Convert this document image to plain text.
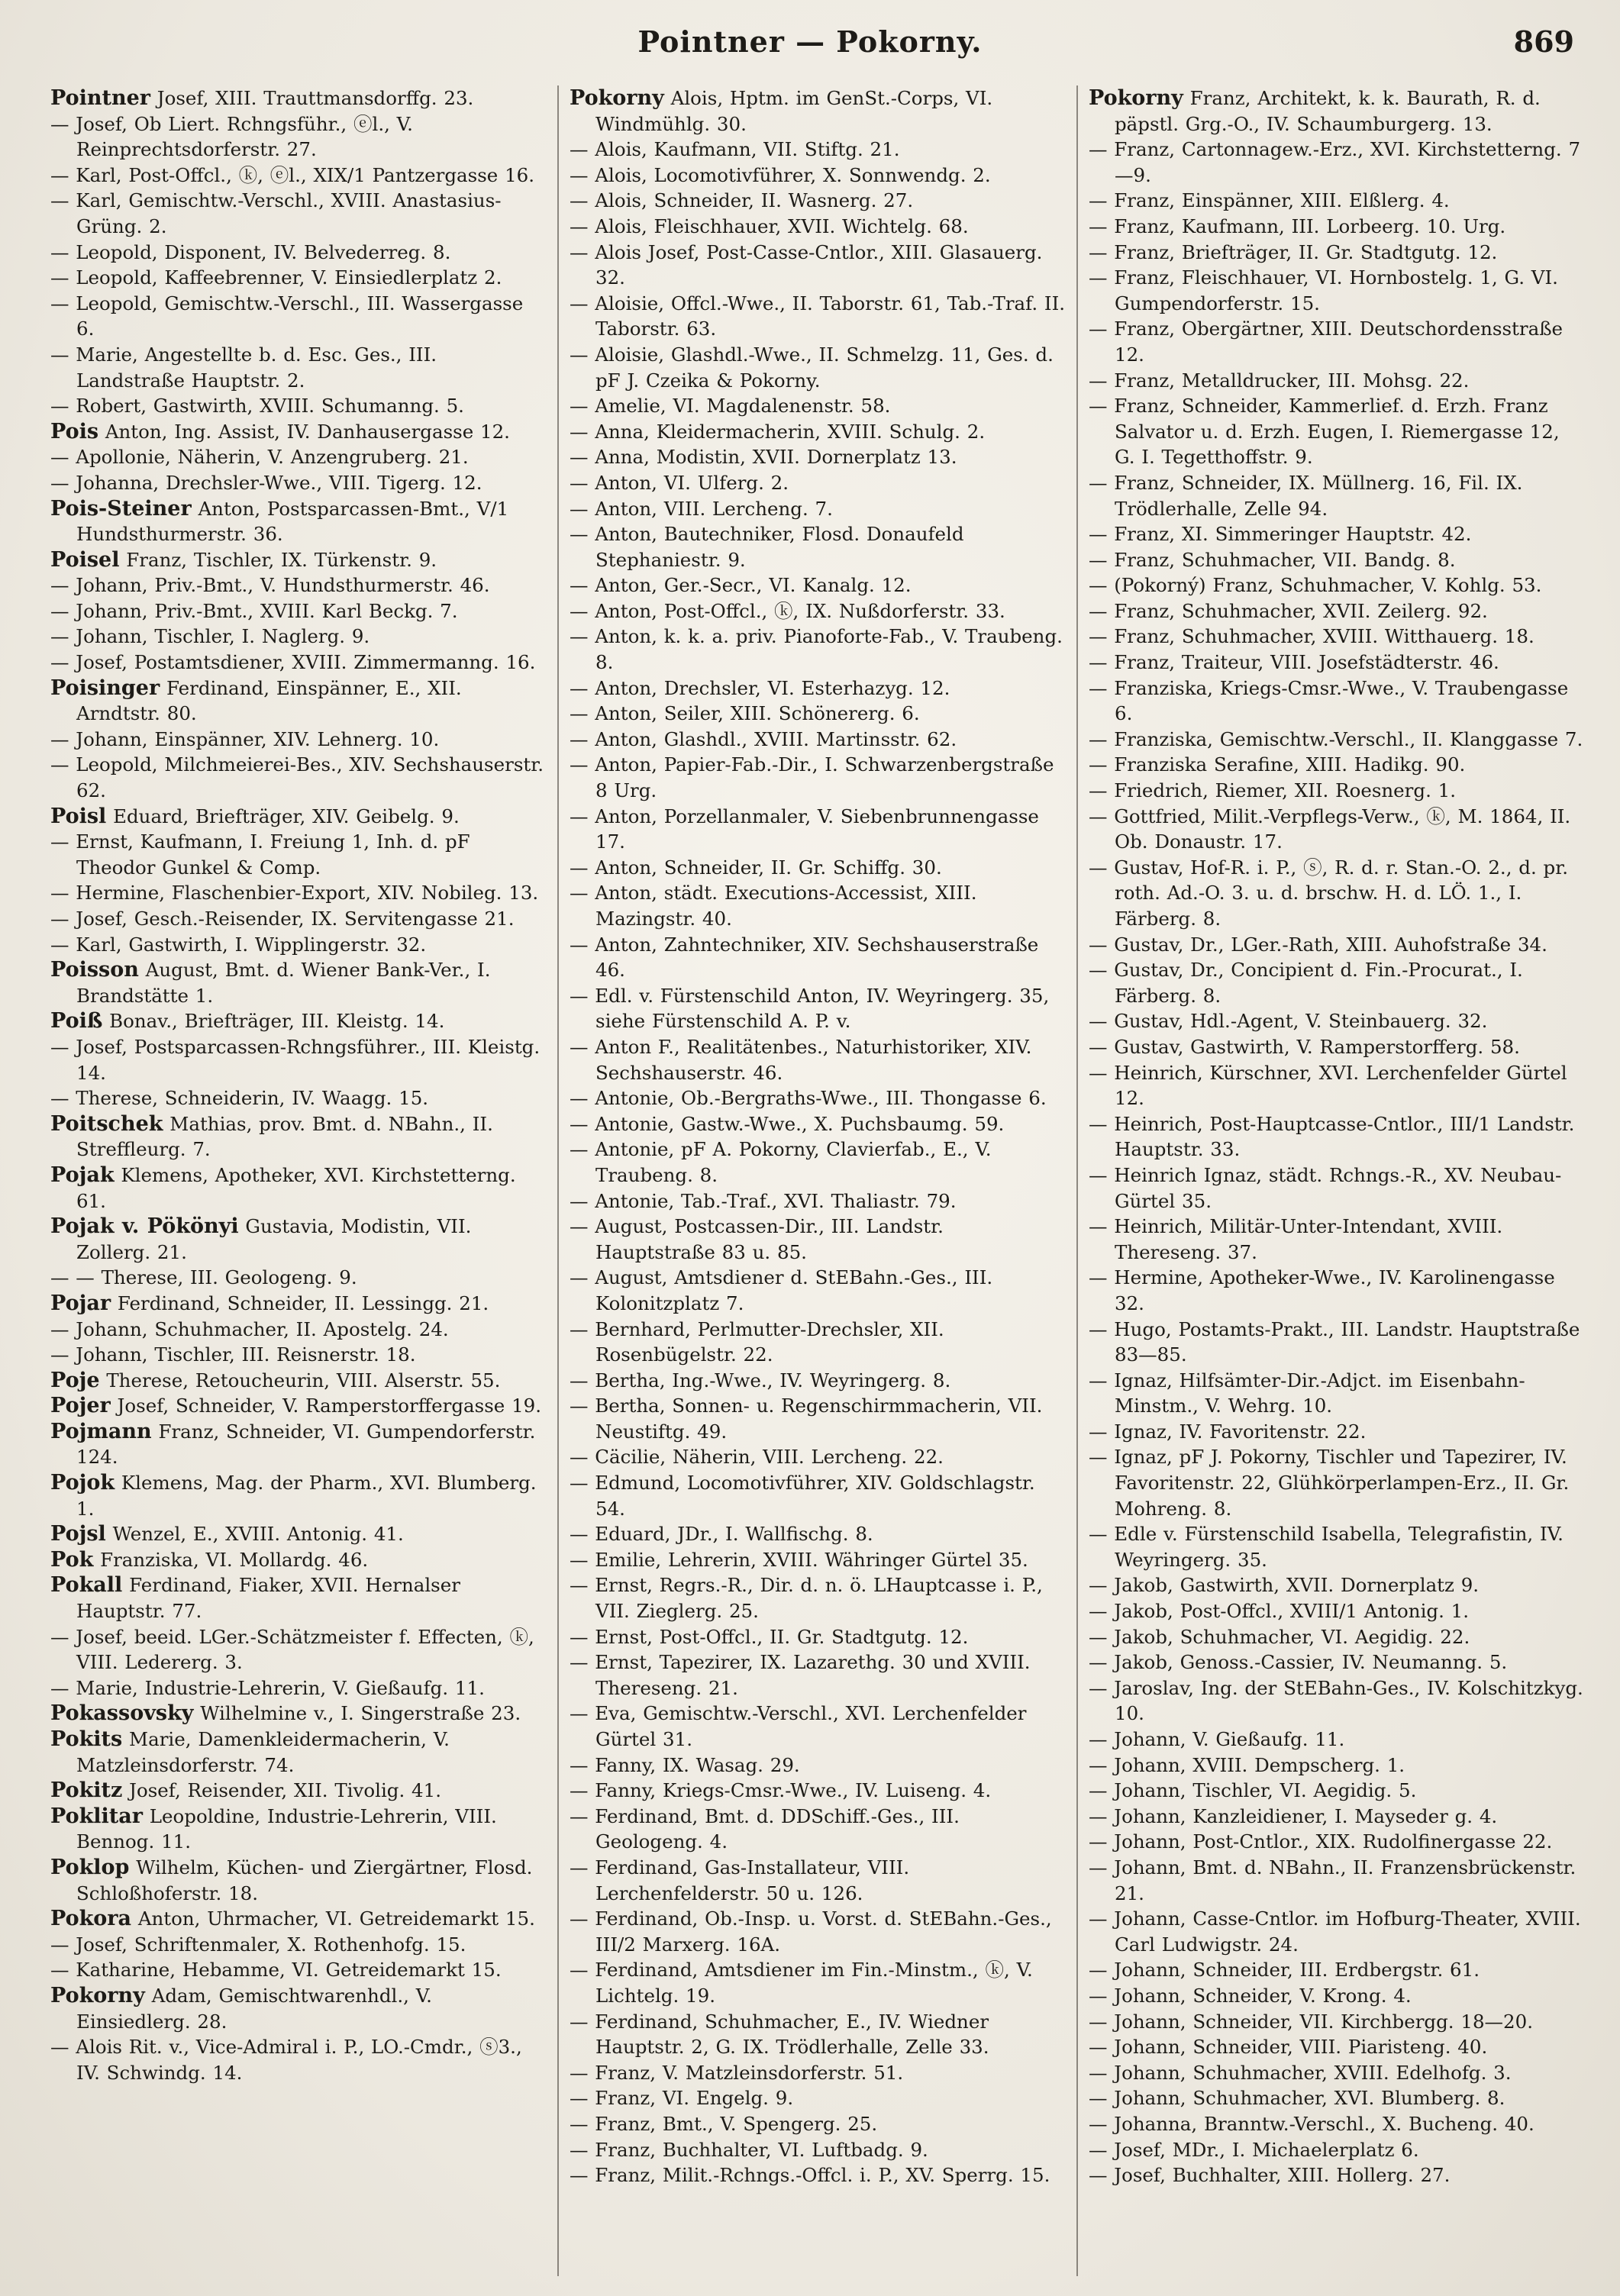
Pointner — Pokorny.	869

Pointner Josef, XIII. Trauttmansdorffg. 23.

— Josef, Ob Liert. Rchngsführ., ⓔl., V. Reinprechtsdorferstr. 27.

— Karl, Post-Offcl., ⓚ, ⓔl., XIX/1 Pantzergasse 16.

— Karl, Gemischtw.-Verschl., XVIII. Anastasius-Grüng. 2.

— Leopold, Disponent, IV. Belvederreg. 8.

— Leopold, Kaffeebrenner, V. Einsiedlerplatz 2.

— Leopold, Gemischtw.-Verschl., III. Wassergasse 6.

— Marie, Angestellte b. d. Esc. Ges., III. Landstraße Hauptstr. 2.

— Robert, Gastwirth, XVIII. Schumanng. 5.

Pois Anton, Ing. Assist, IV. Danhausergasse 12.

— Apollonie, Näherin, V. Anzengruberg. 21.

— Johanna, Drechsler-Wwe., VIII. Tigerg. 12.

Pois-Steiner Anton, Postsparcassen-Bmt., V/1 Hundsthurmerstr. 36.

Poisel Franz, Tischler, IX. Türkenstr. 9.

— Johann, Priv.-Bmt., V. Hundsthurmerstr. 46.

— Johann, Priv.-Bmt., XVIII. Karl Beckg. 7.

— Johann, Tischler, I. Naglerg. 9.

— Josef, Postamtsdiener, XVIII. Zimmermanng. 16.

Poisinger Ferdinand, Einspänner, E., XII. Arndtstr. 80.

— Johann, Einspänner, XIV. Lehnerg. 10.

— Leopold, Milchmeierei-Bes., XIV. Sechshauserstr. 62.

Poisl Eduard, Briefträger, XIV. Geibelg. 9.

— Ernst, Kaufmann, I. Freiung 1, Inh. d. pF Theodor Gunkel & Comp.

— Hermine, Flaschenbier-Export, XIV. Nobileg. 13.

— Josef, Gesch.-Reisender, IX. Servitengasse 21.

— Karl, Gastwirth, I. Wipplingerstr. 32.

Poisson August, Bmt. d. Wiener Bank-Ver., I. Brandstätte 1.

Poiß Bonav., Briefträger, III. Kleistg. 14.

— Josef, Postsparcassen-Rchngsführer., III. Kleistg. 14.

— Therese, Schneiderin, IV. Waagg. 15.

Poitschek Mathias, prov. Bmt. d. NBahn., II. Streffleurg. 7.

Pojak Klemens, Apotheker, XVI. Kirchstetterng. 61.

Pojak v. Pökönyi Gustavia, Modistin, VII. Zollerg. 21.

— — Therese, III. Geologeng. 9.

Pojar Ferdinand, Schneider, II. Lessingg. 21.

— Johann, Schuhmacher, II. Apostelg. 24.

— Johann, Tischler, III. Reisnerstr. 18.

Poje Therese, Retoucheurin, VIII. Alserstr. 55.

Pojer Josef, Schneider, V. Ramperstorffergasse 19.

Pojmann Franz, Schneider, VI. Gumpendorferstr. 124.

Pojok Klemens, Mag. der Pharm., XVI. Blumberg. 1.

Pojsl Wenzel, E., XVIII. Antonig. 41.

Pok Franziska, VI. Mollardg. 46.

Pokall Ferdinand, Fiaker, XVII. Hernalser Hauptstr. 77.

— Josef, beeid. LGer.-Schätzmeister f. Effecten, ⓚ, VIII. Ledererg. 3.

— Marie, Industrie-Lehrerin, V. Gießaufg. 11.

Pokassovsky Wilhelmine v., I. Singerstraße 23.

Pokits Marie, Damenkleidermacherin, V. Matzleinsdorferstr. 74.

Pokitz Josef, Reisender, XII. Tivolig. 41.

Poklitar Leopoldine, Industrie-Lehrerin, VIII. Bennog. 11.

Poklop Wilhelm, Küchen- und Ziergärtner, Flosd. Schloßhoferstr. 18.

Pokora Anton, Uhrmacher, VI. Getreidemarkt 15.

— Josef, Schriftenmaler, X. Rothenhofg. 15.

— Katharine, Hebamme, VI. Getreidemarkt 15.

Pokorny Adam, Gemischtwarenhdl., V. Einsiedlerg. 28.

— Alois Rit. v., Vice-Admiral i. P., LO.-Cmdr., ⓢ3., IV. Schwindg. 14.

Pokorny Alois, Hptm. im GenSt.-Corps, VI. Windmühlg. 30.

— Alois, Kaufmann, VII. Stiftg. 21.

— Alois, Locomotivführer, X. Sonnwendg. 2.

— Alois, Schneider, II. Wasnerg. 27.

— Alois, Fleischhauer, XVII. Wichtelg. 68.

— Alois Josef, Post-Casse-Cntlor., XIII. Glasauerg. 32.

— Aloisie, Offcl.-Wwe., II. Taborstr. 61, Tab.-Traf. II. Taborstr. 63.

— Aloisie, Glashdl.-Wwe., II. Schmelzg. 11, Ges. d. pF J. Czeika & Pokorny.

— Amelie, VI. Magdalenenstr. 58.

— Anna, Kleidermacherin, XVIII. Schulg. 2.

— Anna, Modistin, XVII. Dornerplatz 13.

— Anton, VI. Ulferg. 2.

— Anton, VIII. Lercheng. 7.

— Anton, Bautechniker, Flosd. Donaufeld Stephaniestr. 9.

— Anton, Ger.-Secr., VI. Kanalg. 12.

— Anton, Post-Offcl., ⓚ, IX. Nußdorferstr. 33.

— Anton, k. k. a. priv. Pianoforte-Fab., V. Traubeng. 8.

— Anton, Drechsler, VI. Esterhazyg. 12.

— Anton, Seiler, XIII. Schönererg. 6.

— Anton, Glashdl., XVIII. Martinsstr. 62.

— Anton, Papier-Fab.-Dir., I. Schwarzenbergstraße 8 Urg.

— Anton, Porzellanmaler, V. Siebenbrunnengasse 17.

— Anton, Schneider, II. Gr. Schiffg. 30.

— Anton, städt. Executions-Accessist, XIII. Mazingstr. 40.

— Anton, Zahntechniker, XIV. Sechshauserstraße 46.

— Edl. v. Fürstenschild Anton, IV. Weyringerg. 35, siehe Fürstenschild A. P. v.

— Anton F., Realitätenbes., Naturhistoriker, XIV. Sechshauserstr. 46.

— Antonie, Ob.-Bergraths-Wwe., III. Thongasse 6.

— Antonie, Gastw.-Wwe., X. Puchsbaumg. 59.

— Antonie, pF A. Pokorny, Clavierfab., E., V. Traubeng. 8.

— Antonie, Tab.-Traf., XVI. Thaliastr. 79.

— August, Postcassen-Dir., III. Landstr. Hauptstraße 83 u. 85.

— August, Amtsdiener d. StEBahn.-Ges., III. Kolonitzplatz 7.

— Bernhard, Perlmutter-Drechsler, XII. Rosenbügelstr. 22.

— Bertha, Ing.-Wwe., IV. Weyringerg. 8.

— Bertha, Sonnen- u. Regenschirmmacherin, VII. Neustiftg. 49.

— Cäcilie, Näherin, VIII. Lercheng. 22.

— Edmund, Locomotivführer, XIV. Goldschlagstr. 54.

— Eduard, JDr., I. Wallfischg. 8.

— Emilie, Lehrerin, XVIII. Währinger Gürtel 35.

— Ernst, Regrs.-R., Dir. d. n. ö. LHauptcasse i. P., VII. Zieglerg. 25.

— Ernst, Post-Offcl., II. Gr. Stadtgutg. 12.

— Ernst, Tapezirer, IX. Lazarethg. 30 und XVIII. Thereseng. 21.

— Eva, Gemischtw.-Verschl., XVI. Lerchenfelder Gürtel 31.

— Fanny, IX. Wasag. 29.

— Fanny, Kriegs-Cmsr.-Wwe., IV. Luiseng. 4.

— Ferdinand, Bmt. d. DDSchiff.-Ges., III. Geologeng. 4.

— Ferdinand, Gas-Installateur, VIII. Lerchenfelderstr. 50 u. 126.

— Ferdinand, Ob.-Insp. u. Vorst. d. StEBahn.-Ges., III/2 Marxerg. 16A.

— Ferdinand, Amtsdiener im Fin.-Minstm., ⓚ, V. Lichtelg. 19.

— Ferdinand, Schuhmacher, E., IV. Wiedner Hauptstr. 2, G. IX. Trödlerhalle, Zelle 33.

— Franz, V. Matzleinsdorferstr. 51.

— Franz, VI. Engelg. 9.

— Franz, Bmt., V. Spengerg. 25.

— Franz, Buchhalter, VI. Luftbadg. 9.

— Franz, Milit.-Rchngs.-Offcl. i. P., XV. Sperrg. 15.

Pokorny Franz, Architekt, k. k. Baurath, R. d. päpstl. Grg.-O., IV. Schaumburgerg. 13.

— Franz, Cartonnagew.-Erz., XVI. Kirchstetterng. 7—9.

— Franz, Einspänner, XIII. Elßlerg. 4.

— Franz, Kaufmann, III. Lorbeerg. 10. Urg.

— Franz, Briefträger, II. Gr. Stadtgutg. 12.

— Franz, Fleischhauer, VI. Hornbostelg. 1, G. VI. Gumpendorferstr. 15.

— Franz, Obergärtner, XIII. Deutschordensstraße 12.

— Franz, Metalldrucker, III. Mohsg. 22.

— Franz, Schneider, Kammerlief. d. Erzh. Franz Salvator u. d. Erzh. Eugen, I. Riemergasse 12, G. I. Tegetthoffstr. 9.

— Franz, Schneider, IX. Müllnerg. 16, Fil. IX. Trödlerhalle, Zelle 94.

— Franz, XI. Simmeringer Hauptstr. 42.

— Franz, Schuhmacher, VII. Bandg. 8.

— (Pokorný) Franz, Schuhmacher, V. Kohlg. 53.

— Franz, Schuhmacher, XVII. Zeilerg. 92.

— Franz, Schuhmacher, XVIII. Witthauerg. 18.

— Franz, Traiteur, VIII. Josefstädterstr. 46.

— Franziska, Kriegs-Cmsr.-Wwe., V. Traubengasse 6.

— Franziska, Gemischtw.-Verschl., II. Klanggasse 7.

— Franziska Serafine, XIII. Hadikg. 90.

— Friedrich, Riemer, XII. Roesnerg. 1.

— Gottfried, Milit.-Verpflegs-Verw., ⓚ, M. 1864, II. Ob. Donaustr. 17.

— Gustav, Hof-R. i. P., ⓢ, R. d. r. Stan.-O. 2., d. pr. roth. Ad.-O. 3. u. d. brschw. H. d. LÖ. 1., I. Färberg. 8.

— Gustav, Dr., LGer.-Rath, XIII. Auhofstraße 34.

— Gustav, Dr., Concipient d. Fin.-Procurat., I. Färberg. 8.

— Gustav, Hdl.-Agent, V. Steinbauerg. 32.

— Gustav, Gastwirth, V. Ramperstorfferg. 58.

— Heinrich, Kürschner, XVI. Lerchenfelder Gürtel 12.

— Heinrich, Post-Hauptcasse-Cntlor., III/1 Landstr. Hauptstr. 33.

— Heinrich Ignaz, städt. Rchngs.-R., XV. Neubau-Gürtel 35.

— Heinrich, Militär-Unter-Intendant, XVIII. Thereseng. 37.

— Hermine, Apotheker-Wwe., IV. Karolinengasse 32.

— Hugo, Postamts-Prakt., III. Landstr. Hauptstraße 83—85.

— Ignaz, Hilfsämter-Dir.-Adjct. im Eisenbahn-Minstm., V. Wehrg. 10.

— Ignaz, IV. Favoritenstr. 22.

— Ignaz, pF J. Pokorny, Tischler und Tapezirer, IV. Favoritenstr. 22, Glühkörperlampen-Erz., II. Gr. Mohreng. 8.

— Edle v. Fürstenschild Isabella, Telegrafistin, IV. Weyringerg. 35.

— Jakob, Gastwirth, XVII. Dornerplatz 9.

— Jakob, Post-Offcl., XVIII/1 Antonig. 1.

— Jakob, Schuhmacher, VI. Aegidig. 22.

— Jakob, Genoss.-Cassier, IV. Neumanng. 5.

— Jaroslav, Ing. der StEBahn-Ges., IV. Kolschitzkyg. 10.

— Johann, V. Gießaufg. 11.

— Johann, XVIII. Dempscherg. 1.

— Johann, Tischler, VI. Aegidig. 5.

— Johann, Kanzleidiener, I. Mayseder g. 4.

— Johann, Post-Cntlor., XIX. Rudolfinergasse 22.

— Johann, Bmt. d. NBahn., II. Franzensbrückenstr. 21.

— Johann, Casse-Cntlor. im Hofburg-Theater, XVIII. Carl Ludwigstr. 24.

— Johann, Schneider, III. Erdbergstr. 61.

— Johann, Schneider, V. Krong. 4.

— Johann, Schneider, VII. Kirchbergg. 18—20.

— Johann, Schneider, VIII. Piaristeng. 40.

— Johann, Schuhmacher, XVIII. Edelhofg. 3.

— Johann, Schuhmacher, XVI. Blumberg. 8.

— Johanna, Branntw.-Verschl., X. Bucheng. 40.

— Josef, MDr., I. Michaelerplatz 6.

— Josef, Buchhalter, XIII. Hollerg. 27.
